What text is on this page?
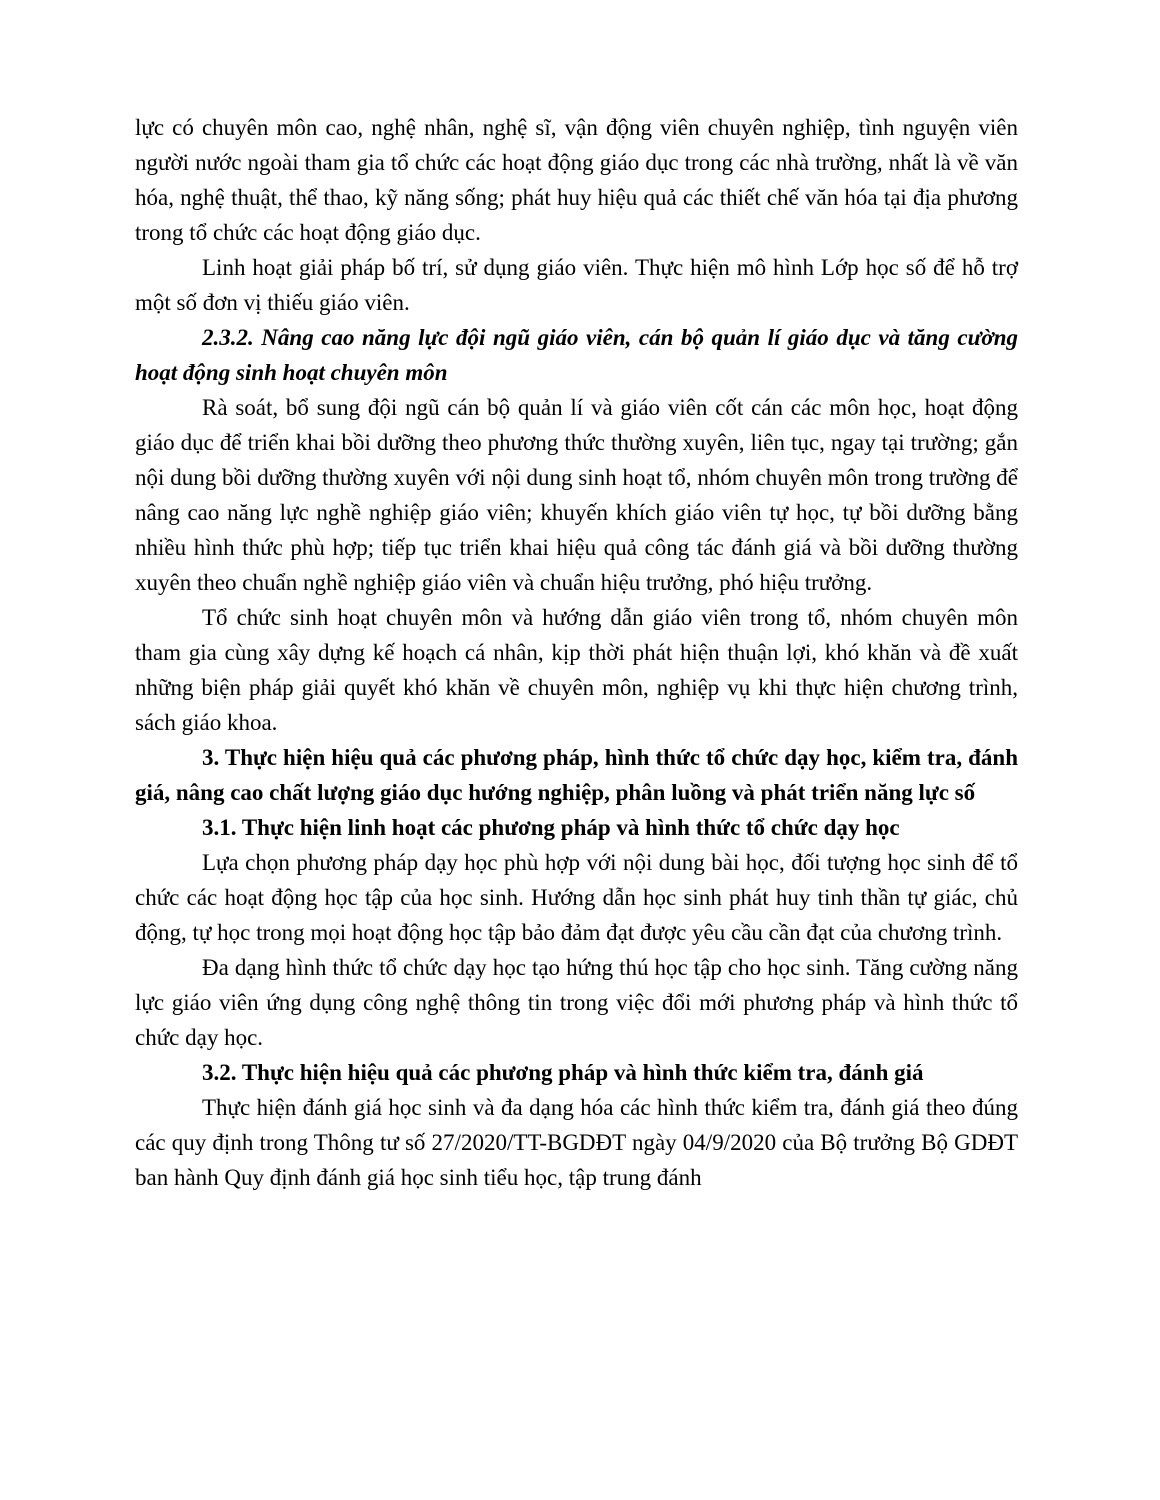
lực có chuyên môn cao, nghệ nhân, nghệ sĩ, vận động viên chuyên nghiệp, tình nguyện viên người nước ngoài tham gia tổ chức các hoạt động giáo dục trong các nhà trường, nhất là về văn hóa, nghệ thuật, thể thao, kỹ năng sống; phát huy hiệu quả các thiết chế văn hóa tại địa phương trong tổ chức các hoạt động giáo dục.

Linh hoạt giải pháp bố trí, sử dụng giáo viên. Thực hiện mô hình Lớp học số để hỗ trợ một số đơn vị thiếu giáo viên.

2.3.2. Nâng cao năng lực đội ngũ giáo viên, cán bộ quản lí giáo dục và tăng cường hoạt động sinh hoạt chuyên môn

Rà soát, bổ sung đội ngũ cán bộ quản lí và giáo viên cốt cán các môn học, hoạt động giáo dục để triển khai bồi dưỡng theo phương thức thường xuyên, liên tục, ngay tại trường; gắn nội dung bồi dưỡng thường xuyên với nội dung sinh hoạt tổ, nhóm chuyên môn trong trường để nâng cao năng lực nghề nghiệp giáo viên; khuyến khích giáo viên tự học, tự bồi dưỡng bằng nhiều hình thức phù hợp; tiếp tục triển khai hiệu quả công tác đánh giá và bồi dưỡng thường xuyên theo chuẩn nghề nghiệp giáo viên và chuẩn hiệu trưởng, phó hiệu trưởng.

Tổ chức sinh hoạt chuyên môn và hướng dẫn giáo viên trong tổ, nhóm chuyên môn tham gia cùng xây dựng kế hoạch cá nhân, kịp thời phát hiện thuận lợi, khó khăn và đề xuất những biện pháp giải quyết khó khăn về chuyên môn, nghiệp vụ khi thực hiện chương trình, sách giáo khoa.

3. Thực hiện hiệu quả các phương pháp, hình thức tổ chức dạy học, kiểm tra, đánh giá, nâng cao chất lượng giáo dục hướng nghiệp, phân luồng và phát triển năng lực số

3.1. Thực hiện linh hoạt các phương pháp và hình thức tổ chức dạy học

Lựa chọn phương pháp dạy học phù hợp với nội dung bài học, đối tượng học sinh để tổ chức các hoạt động học tập của học sinh. Hướng dẫn học sinh phát huy tinh thần tự giác, chủ động, tự học trong mọi hoạt động học tập bảo đảm đạt được yêu cầu cần đạt của chương trình.

Đa dạng hình thức tổ chức dạy học tạo hứng thú học tập cho học sinh. Tăng cường năng lực giáo viên ứng dụng công nghệ thông tin trong việc đổi mới phương pháp và hình thức tổ chức dạy học.

3.2. Thực hiện hiệu quả các phương pháp và hình thức kiểm tra, đánh giá

Thực hiện đánh giá học sinh và đa dạng hóa các hình thức kiểm tra, đánh giá theo đúng các quy định trong Thông tư số 27/2020/TT-BGDĐT ngày 04/9/2020 của Bộ trưởng Bộ GDĐT ban hành Quy định đánh giá học sinh tiểu học, tập trung đánh
